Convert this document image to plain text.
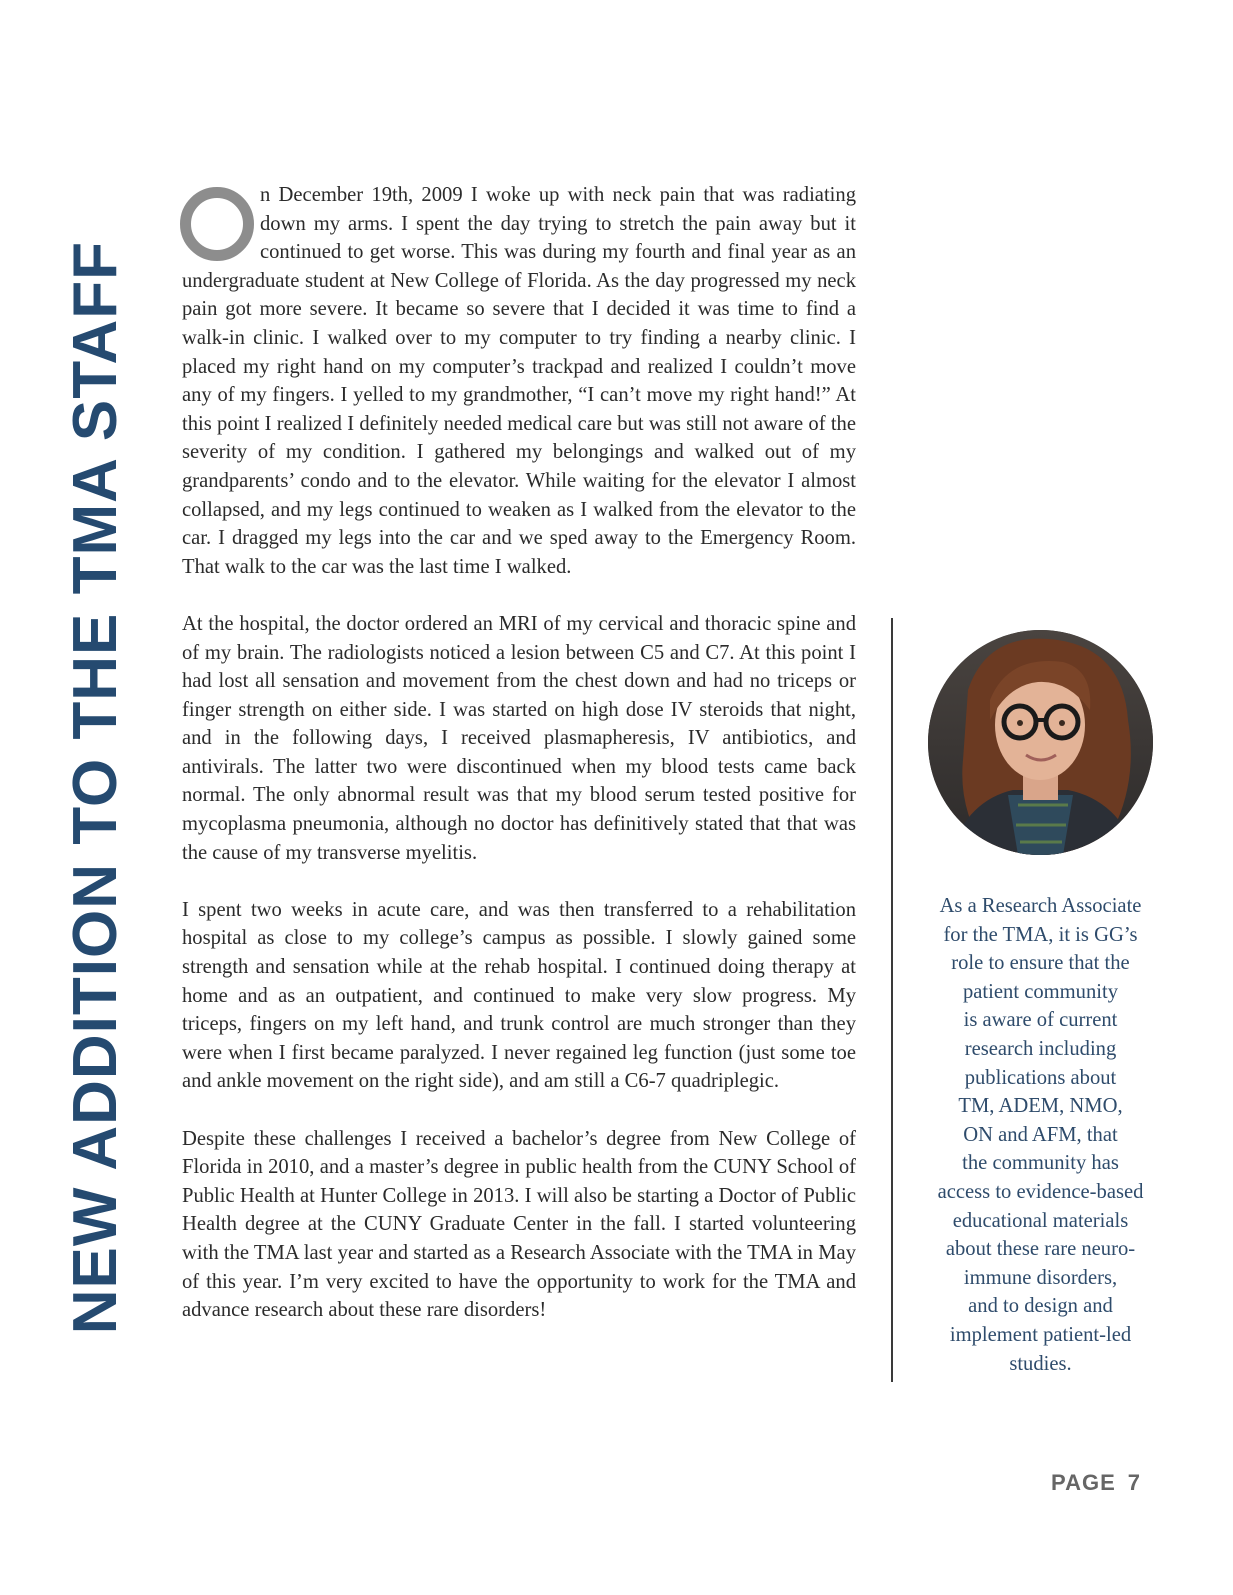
NEW ADDITION TO THE TMA STAFF

n December 19th, 2009 I woke up with neck pain that was radiating down my arms. I spent the day trying to stretch the pain away but it continued to get worse. This was during my fourth and final year as an undergraduate student at New College of Florida. As the day progressed my neck pain got more severe. It became so severe that I decided it was time to find a walk-in clinic. I walked over to my computer to try finding a nearby clinic. I placed my right hand on my computer’s trackpad and realized I couldn’t move any of my fingers. I yelled to my grandmother, “I can’t move my right hand!” At this point I realized I definitely needed medical care but was still not aware of the severity of my condition. I gathered my belongings and walked out of my grandparents’ condo and to the elevator. While waiting for the elevator I almost collapsed, and my legs continued to weaken as I walked from the elevator to the car. I dragged my legs into the car and we sped away to the Emergency Room. That walk to the car was the last time I walked.

At the hospital, the doctor ordered an MRI of my cervical and thoracic spine and of my brain. The radiologists noticed a lesion between C5 and C7. At this point I had lost all sensation and movement from the chest down and had no triceps or finger strength on either side. I was started on high dose IV steroids that night, and in the following days, I received plasmapheresis, IV antibiotics, and antivirals. The latter two were discontinued when my blood tests came back normal. The only abnormal result was that my blood serum tested positive for mycoplasma pneumonia, although no doctor has definitively stated that that was the cause of my transverse myelitis.

I spent two weeks in acute care, and was then transferred to a rehabilitation hospital as close to my college’s campus as possible. I slowly gained some strength and sensation while at the rehab hospital. I continued doing therapy at home and as an outpatient, and continued to make very slow progress. My triceps, fingers on my left hand, and trunk control are much stronger than they were when I first became paralyzed. I never regained leg function (just some toe and ankle movement on the right side), and am still a C6-7 quadriplegic.

Despite these challenges I received a bachelor’s degree from New College of Florida in 2010, and a master’s degree in public health from the CUNY School of Public Health at Hunter College in 2013. I will also be starting a Doctor of Public Health degree at the CUNY Graduate Center in the fall. I started volunteering with the TMA last year and started as a Research Associate with the TMA in May of this year. I’m very excited to have the opportunity to work for the TMA and advance research about these rare disorders!

As a Research Associate
for the TMA, it is GG’s
role to ensure that the
patient community
is aware of current
research including
publications about
TM, ADEM, NMO,
ON and AFM, that
the community has
access to evidence-based
educational materials
about these rare neuro-
immune disorders,
and to design and
implement patient-led
studies.
PAGE 7
